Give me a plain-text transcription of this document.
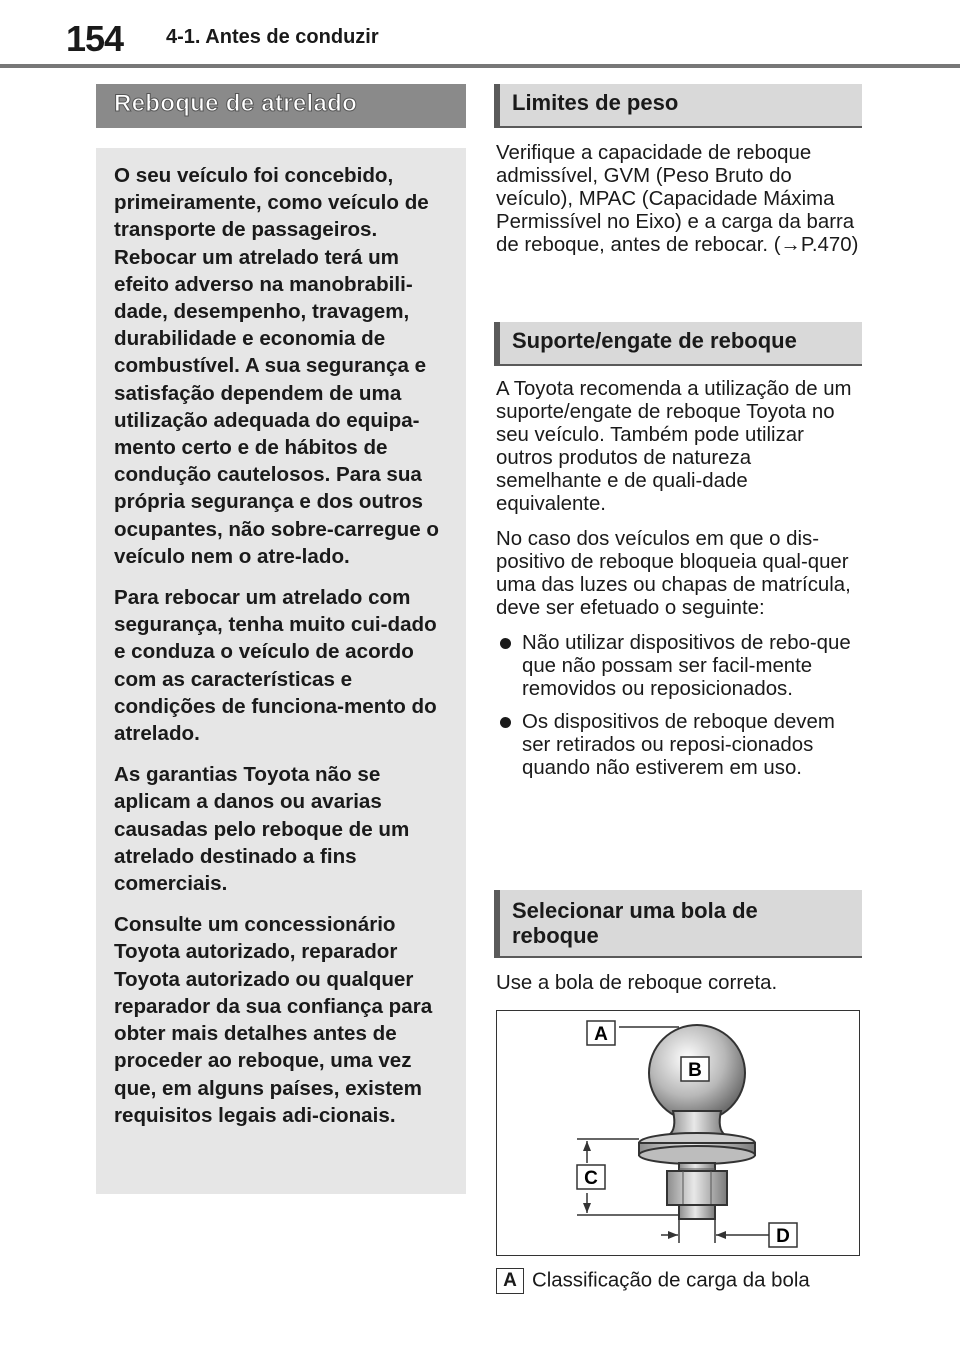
154 4-1. Antes de conduzir
Reboque de atrelado

O seu veículo foi concebido, primeiramente, como veículo de transporte de passageiros. Rebocar um atrelado terá um efeito adverso na manobrabili-dade, desempenho, travagem, durabilidade e economia de combustível. A sua segurança e satisfação dependem de uma utilização adequada do equipa-mento certo e de hábitos de condução cautelosos. Para sua própria segurança e dos outros ocupantes, não sobre-carregue o veículo nem o atre-lado.

Para rebocar um atrelado com segurança, tenha muito cui-dado e conduza o veículo de acordo com as características e condições de funciona-mento do atrelado.

As garantias Toyota não se aplicam a danos ou avarias causadas pelo reboque de um atrelado destinado a fins comerciais.

Consulte um concessionário Toyota autorizado, reparador Toyota autorizado ou qualquer reparador da sua confiança para obter mais detalhes antes de proceder ao reboque, uma vez que, em alguns países, existem requisitos legais adi-cionais.

Limites de peso

Verifique a capacidade de reboque admissível, GVM (Peso Bruto do veículo), MPAC (Capacidade Máxima Permissível no Eixo) e a carga da barra de reboque, antes de rebocar. (→P.470)

Suporte/engate de reboque

A Toyota recomenda a utilização de um suporte/engate de reboque Toyota no seu veículo. Também pode utilizar outros produtos de natureza semelhante e de quali-dade equivalente.

No caso dos veículos em que o dis-positivo de reboque bloqueia qual-quer uma das luzes ou chapas de matrícula, deve ser efetuado o seguinte:

Não utilizar dispositivos de rebo-que que não possam ser facil-mente removidos ou reposicionados.
Os dispositivos de reboque devem ser retirados ou reposi-cionados quando não estiverem em uso.
Selecionar uma bola de
reboque

Use a bola de reboque correta.

A
B
C
D
A Classificação de carga da bola
